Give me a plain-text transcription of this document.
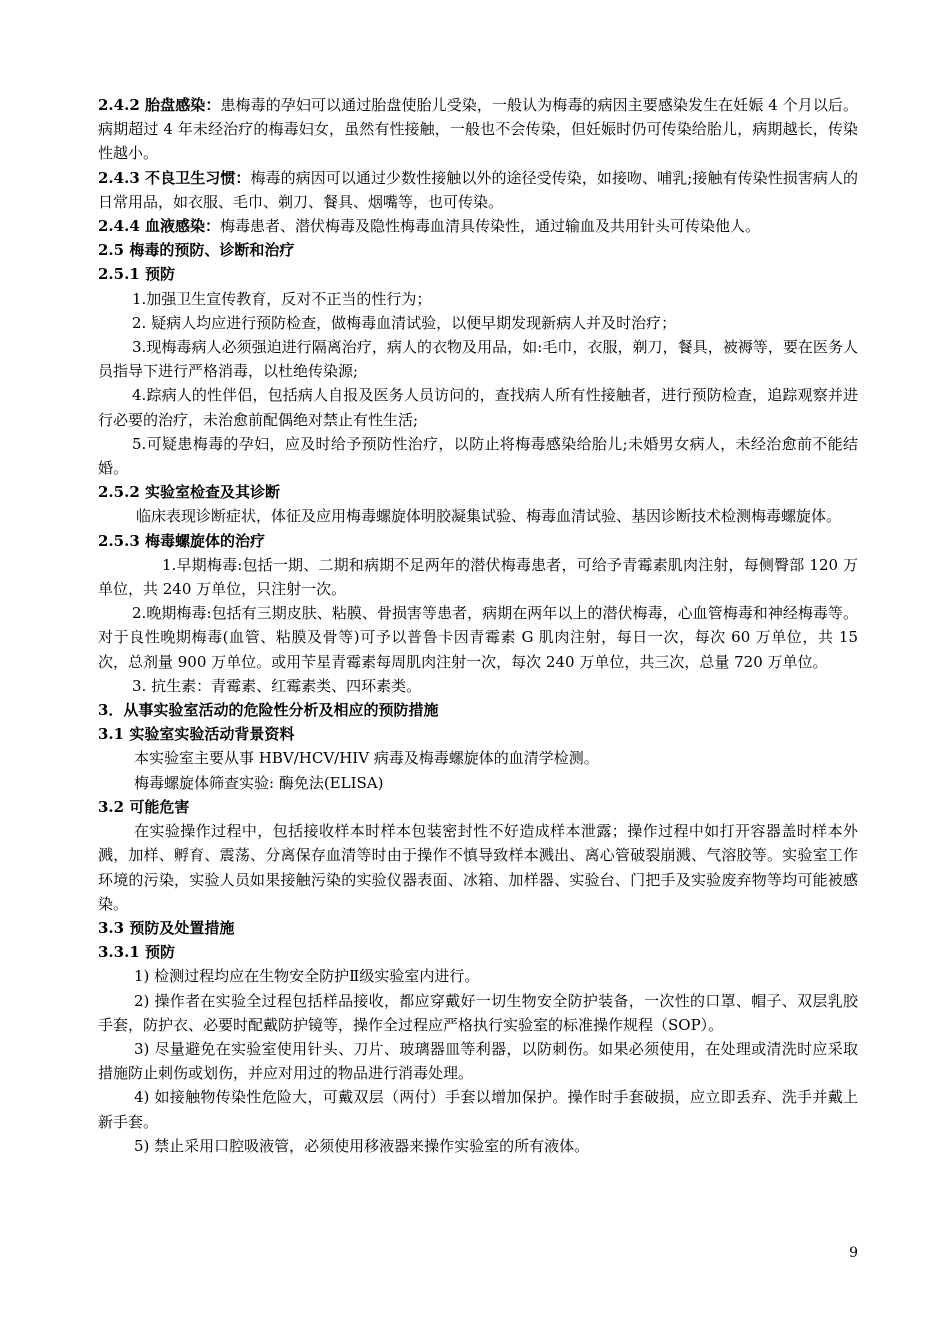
2.4.2 胎盘感染：患梅毒的孕妇可以通过胎盘使胎儿受染，一般认为梅毒的病因主要感染发生在妊娠 4 个月以后。病期超过 4 年未经治疗的梅毒妇女，虽然有性接触，一般也不会传染，但妊娠时仍可传染给胎儿，病期越长，传染性越小。

2.4.3 不良卫生习惯：梅毒的病因可以通过少数性接触以外的途径受传染，如接吻、哺乳;接触有传染性损害病人的日常用品，如衣服、毛巾、剃刀、餐具、烟嘴等，也可传染。

2.4.4 血液感染：梅毒患者、潜伏梅毒及隐性梅毒血清具传染性，通过输血及共用针头可传染他人。

2.5 梅毒的预防、诊断和治疗

2.5.1 预防

1.加强卫生宣传教育，反对不正当的性行为；

2. 疑病人均应进行预防检查，做梅毒血清试验，以便早期发现新病人并及时治疗；

3.现梅毒病人必须强迫进行隔离治疗，病人的衣物及用品，如:毛巾，衣服，剃刀，餐具，被褥等，要在医务人员指导下进行严格消毒，以杜绝传染源;

4.踪病人的性伴侣，包括病人自报及医务人员访问的，查找病人所有性接触者，进行预防检查，追踪观察并进行必要的治疗，未治愈前配偶绝对禁止有性生活;

5.可疑患梅毒的孕妇，应及时给予预防性治疗，以防止将梅毒感染给胎儿;未婚男女病人，未经治愈前不能结婚。

2.5.2 实验室检查及其诊断

临床表现诊断症状，体征及应用梅毒螺旋体明胶凝集试验、梅毒血清试验、基因诊断技术检测梅毒螺旋体。

2.5.3 梅毒螺旋体的治疗

1.早期梅毒:包括一期、二期和病期不足两年的潜伏梅毒患者，可给予青霉素肌肉注射，每侧臀部 120 万单位，共 240 万单位，只注射一次。

2.晚期梅毒:包括有三期皮肤、粘膜、骨损害等患者，病期在两年以上的潜伏梅毒，心血管梅毒和神经梅毒等。对于良性晚期梅毒(血管、粘膜及骨等)可予以普鲁卡因青霉素 G 肌肉注射，每日一次，每次 60 万单位，共 15 次，总剂量 900 万单位。或用苄星青霉素每周肌肉注射一次，每次 240 万单位，共三次，总量 720 万单位。

3. 抗生素：青霉素、红霉素类、四环素类。

3．从事实验室活动的危险性分析及相应的预防措施

3.1 实验室实验活动背景资料

本实验室主要从事 HBV/HCV/HIV 病毒及梅毒螺旋体的血清学检测。

梅毒螺旋体筛查实验: 酶免法(ELISA)

3.2 可能危害

在实验操作过程中，包括接收样本时样本包装密封性不好造成样本泄露；操作过程中如打开容器盖时样本外溅，加样、孵育、震荡、分离保存血清等时由于操作不慎导致样本溅出、离心管破裂崩溅、气溶胶等。实验室工作环境的污染，实验人员如果接触污染的实验仪器表面、冰箱、加样器、实验台、门把手及实验废弃物等均可能被感染。

3.3 预防及处置措施

3.3.1 预防

1) 检测过程均应在生物安全防护Ⅱ级实验室内进行。

2) 操作者在实验全过程包括样品接收，都应穿戴好一切生物安全防护装备，一次性的口罩、帽子、双层乳胶手套，防护衣、必要时配戴防护镜等，操作全过程应严格执行实验室的标准操作规程（SOP）。

3) 尽量避免在实验室使用针头、刀片、玻璃器皿等利器，以防刺伤。如果必须使用，在处理或清洗时应采取措施防止刺伤或划伤，并应对用过的物品进行消毒处理。

4) 如接触物传染性危险大，可戴双层（两付）手套以增加保护。操作时手套破损，应立即丢弃、洗手并戴上新手套。

5) 禁止采用口腔吸液管，必须使用移液器来操作实验室的所有液体。

9
